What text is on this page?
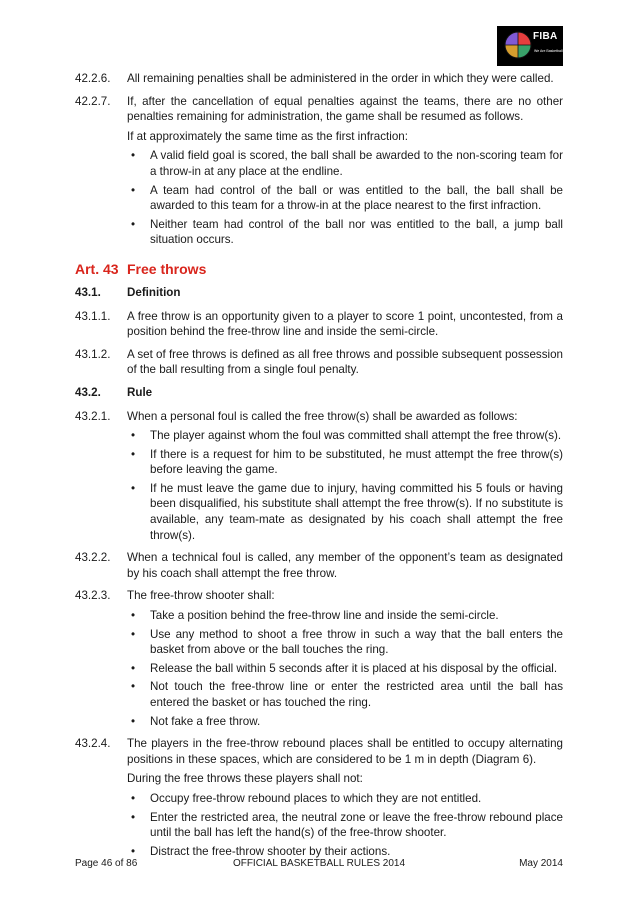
FIBA
We Are Basketball
42.2.6. All remaining penalties shall be administered in the order in which they were called.

42.2.7. If, after the cancellation of equal penalties against the teams, there are no other penalties remaining for administration, the game shall be resumed as follows.

If at approximately the same time as the first infraction:

• A valid field goal is scored, the ball shall be awarded to the non-scoring team for a throw-in at any place at the endline.
• A team had control of the ball or was entitled to the ball, the ball shall be awarded to this team for a throw-in at the place nearest to the first infraction.
• Neither team had control of the ball nor was entitled to the ball, a jump ball situation occurs.
Art. 43 Free throws
43.1. Definition
43.1.1. A free throw is an opportunity given to a player to score 1 point, uncontested, from a position behind the free-throw line and inside the semi-circle.

43.1.2. A set of free throws is defined as all free throws and possible subsequent possession of the ball resulting from a single foul penalty.

43.2. Rule
43.2.1. When a personal foul is called the free throw(s) shall be awarded as follows:

• The player against whom the foul was committed shall attempt the free throw(s).
• If there is a request for him to be substituted, he must attempt the free throw(s) before leaving the game.
• If he must leave the game due to injury, having committed his 5 fouls or having been disqualified, his substitute shall attempt the free throw(s). If no substitute is available, any team-mate as designated by his coach shall attempt the free throw(s).
43.2.2. When a technical foul is called, any member of the opponent’s team as designated by his coach shall attempt the free throw.

43.2.3. The free-throw shooter shall:

• Take a position behind the free-throw line and inside the semi-circle.
• Use any method to shoot a free throw in such a way that the ball enters the basket from above or the ball touches the ring.
• Release the ball within 5 seconds after it is placed at his disposal by the official.
• Not touch the free-throw line or enter the restricted area until the ball has entered the basket or has touched the ring.
• Not fake a free throw.
43.2.4. The players in the free-throw rebound places shall be entitled to occupy alternating positions in these spaces, which are considered to be 1 m in depth (Diagram 6).

During the free throws these players shall not:

• Occupy free-throw rebound places to which they are not entitled.
• Enter the restricted area, the neutral zone or leave the free-throw rebound place until the ball has left the hand(s) of the free-throw shooter.
• Distract the free-throw shooter by their actions.
Page 46 of 86	OFFICIAL BASKETBALL RULES 2014	May 2014
